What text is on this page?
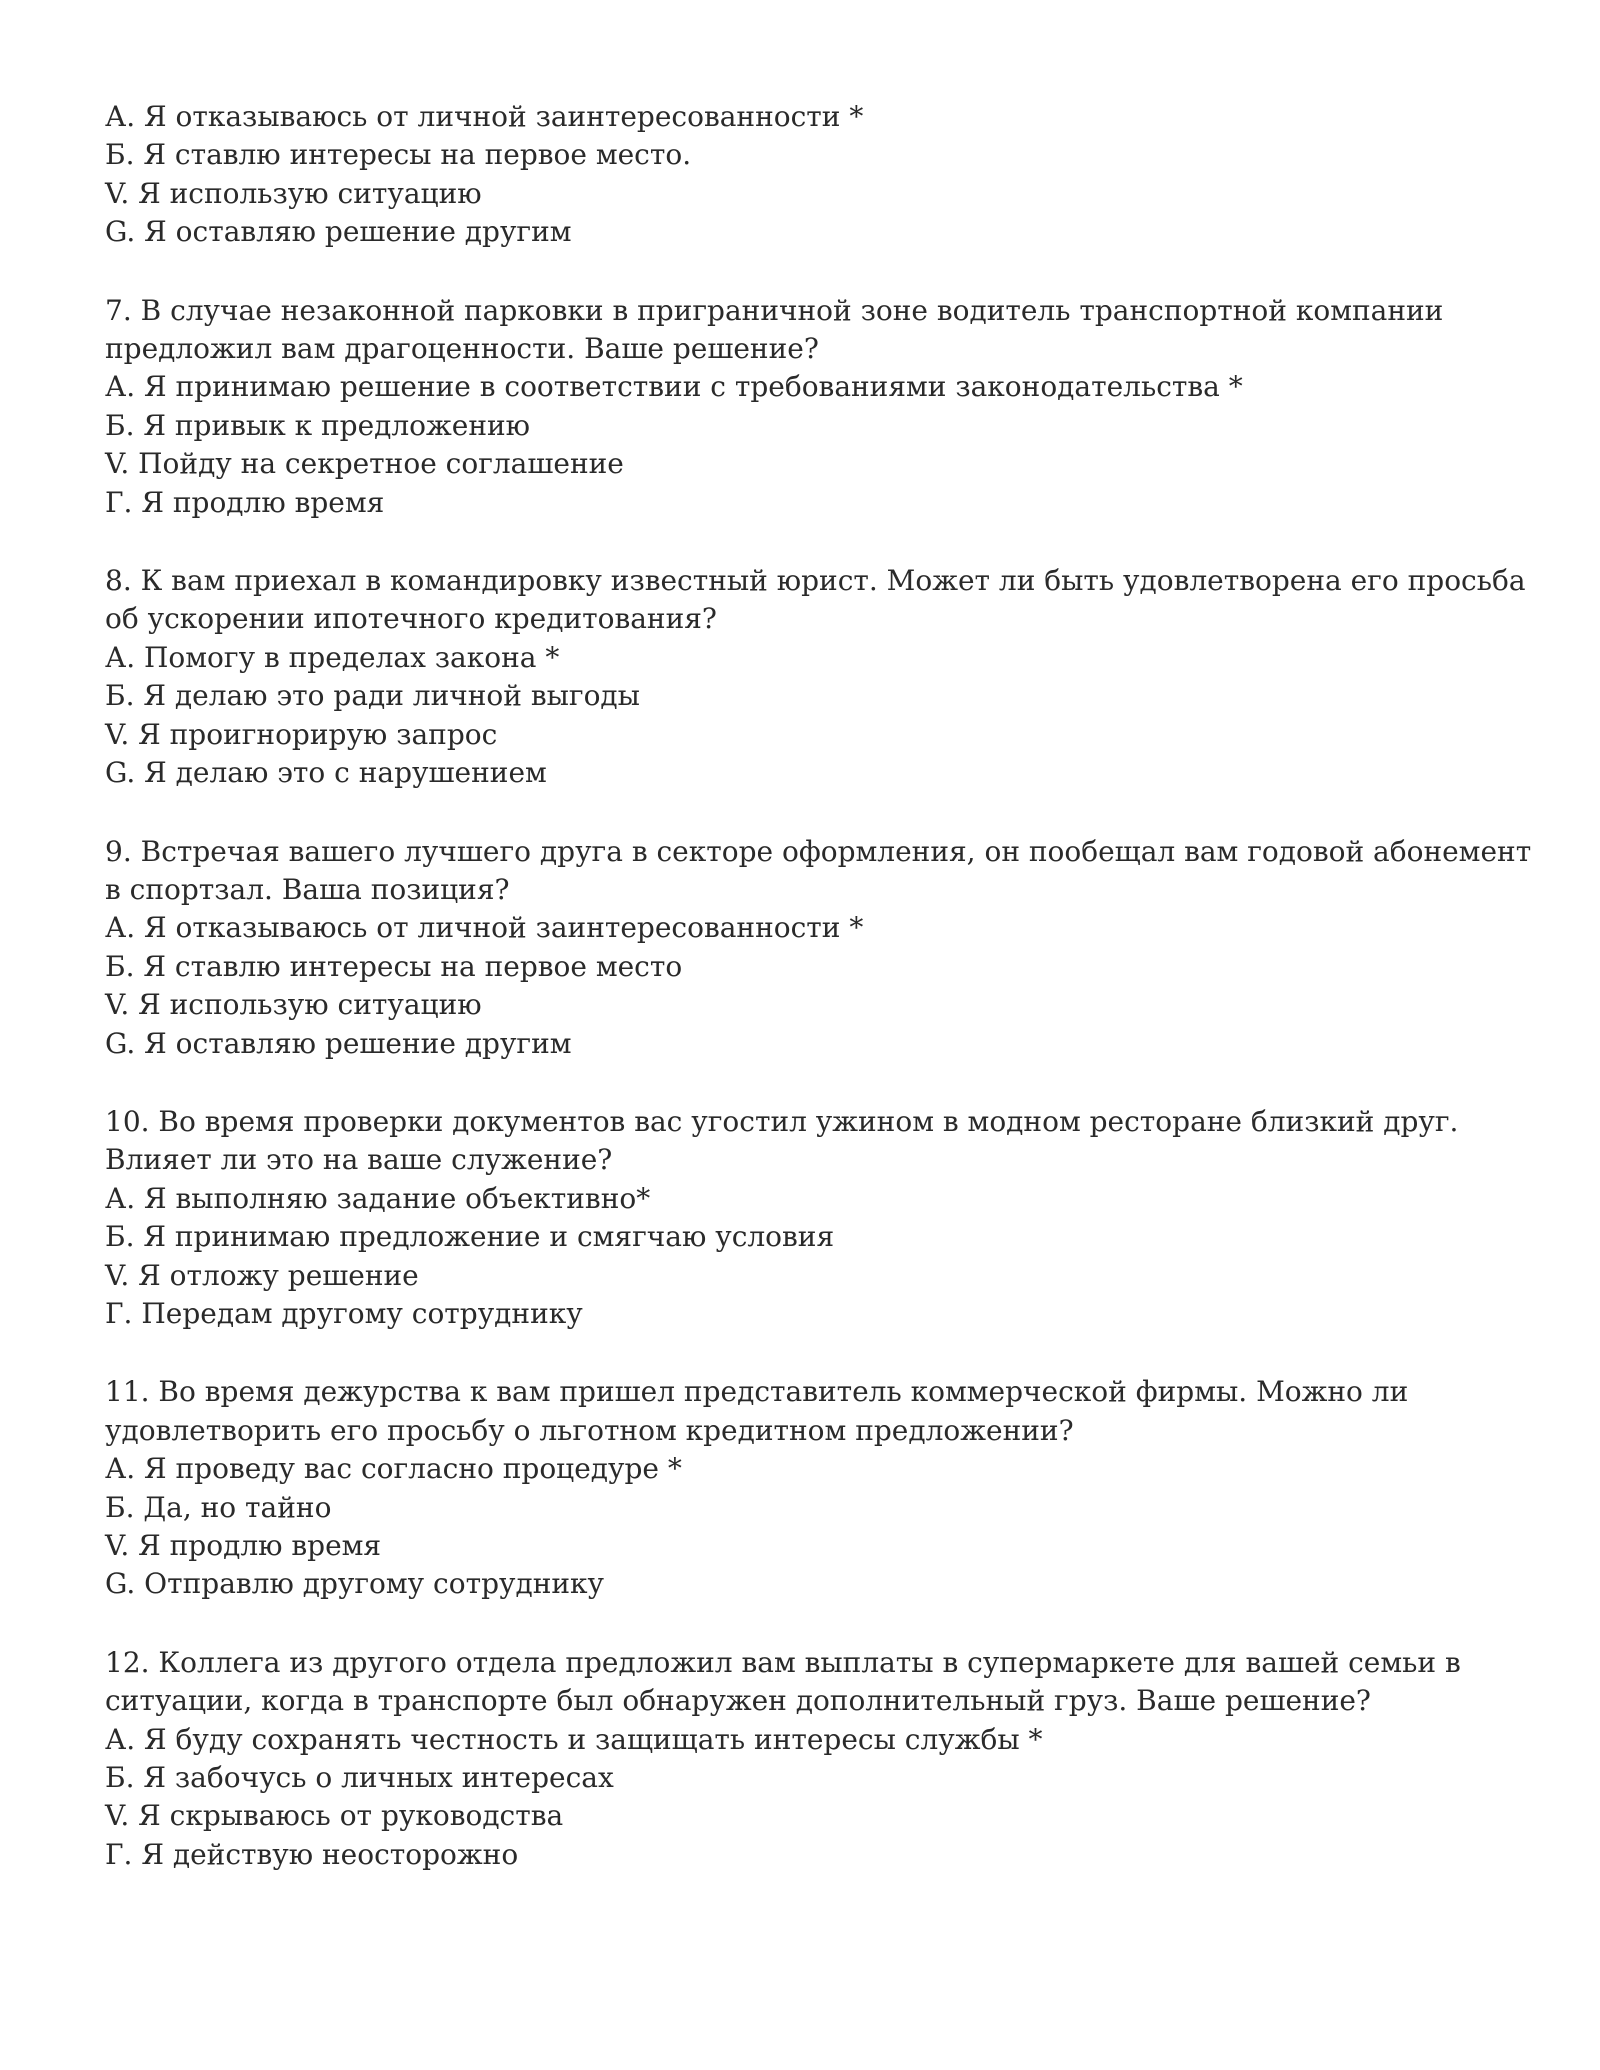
А. Я отказываюсь от личной заинтересованности *
Б. Я ставлю интересы на первое место.
V. Я использую ситуацию
G. Я оставляю решение другим

7. В случае незаконной парковки в приграничной зоне водитель транспортной компании
предложил вам драгоценности. Ваше решение?

А. Я принимаю решение в соответствии с требованиями законодательства *
Б. Я привык к предложению
V. Пойду на секретное соглашение
Г. Я продлю время

8. К вам приехал в командировку известный юрист. Может ли быть удовлетворена его просьба
об ускорении ипотечного кредитования?

А. Помогу в пределах закона *
Б. Я делаю это ради личной выгоды
V. Я проигнорирую запрос
G. Я делаю это с нарушением

9. Встречая вашего лучшего друга в секторе оформления, он пообещал вам годовой абонемент
в спортзал. Ваша позиция?

А. Я отказываюсь от личной заинтересованности *
Б. Я ставлю интересы на первое место
V. Я использую ситуацию
G. Я оставляю решение другим

10. Во время проверки документов вас угостил ужином в модном ресторане близкий друг.
Влияет ли это на ваше служение?

А. Я выполняю задание объективно*
Б. Я принимаю предложение и смягчаю условия
V. Я отложу решение
Г. Передам другому сотруднику

11. Во время дежурства к вам пришел представитель коммерческой фирмы. Можно ли
удовлетворить его просьбу о льготном кредитном предложении?

А. Я проведу вас согласно процедуре *
Б. Да, но тайно
V. Я продлю время
G. Отправлю другому сотруднику

12. Коллега из другого отдела предложил вам выплаты в супермаркете для вашей семьи в
ситуации, когда в транспорте был обнаружен дополнительный груз. Ваше решение?

А. Я буду сохранять честность и защищать интересы службы *
Б. Я забочусь о личных интересах
V. Я скрываюсь от руководства
Г. Я действую неосторожно
